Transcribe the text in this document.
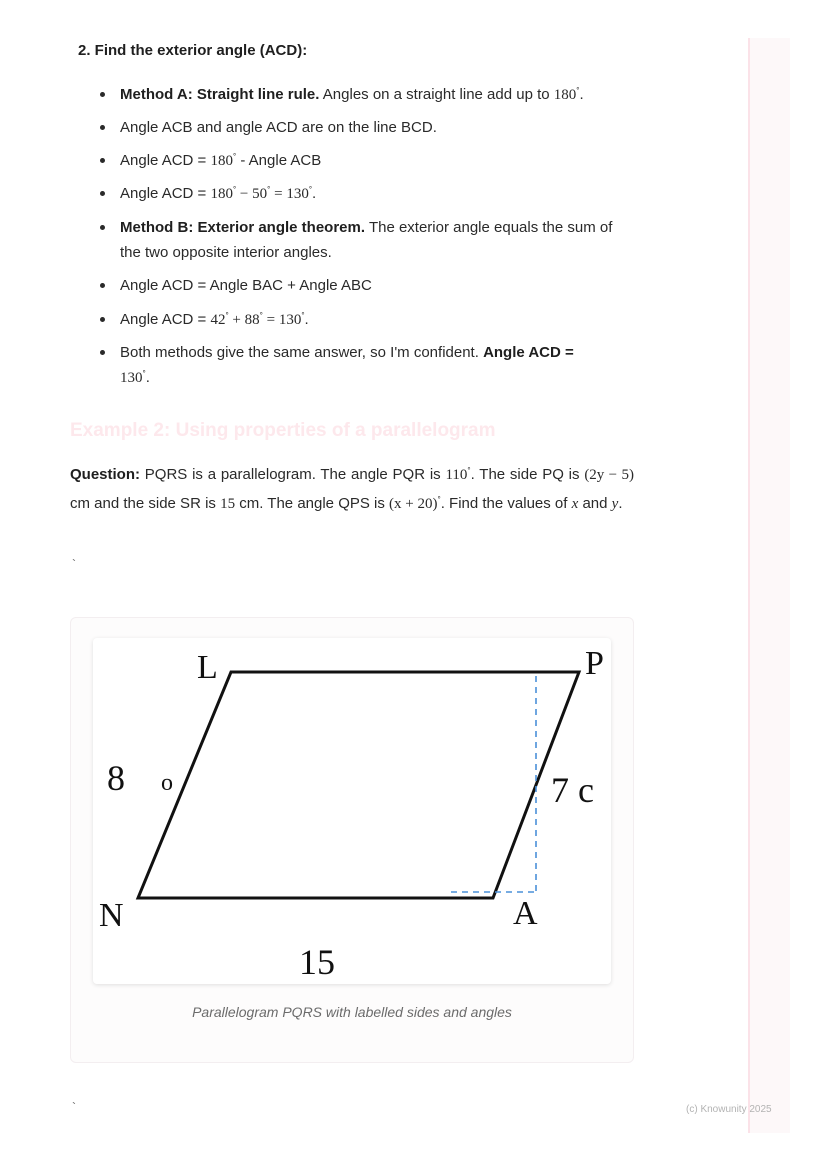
2. Find the exterior angle (ACD):
Method A: Straight line rule. Angles on a straight line add up to 180°.
Angle ACB and angle ACD are on the line BCD.
Angle ACD = 180° - Angle ACB
Angle ACD = 180° − 50° = 130°.
Method B: Exterior angle theorem. The exterior angle equals the sum of the two opposite interior angles.
Angle ACD = Angle BAC + Angle ABC
Angle ACD = 42° + 88° = 130°.
Both methods give the same answer, so I'm confident. Angle ACD =
130°.
Example 2: Using properties of a parallelogram
Question: PQRS is a parallelogram. The angle PQR is 110°. The side PQ is (2y − 5) cm and the side SR is 15 cm. The angle QPS is (x + 20)°. Find the values of x and y.
`
L	P
N	A
8 o	7 c
15
Parallelogram PQRS with labelled sides and angles
`	(c) Knowunity 2025
